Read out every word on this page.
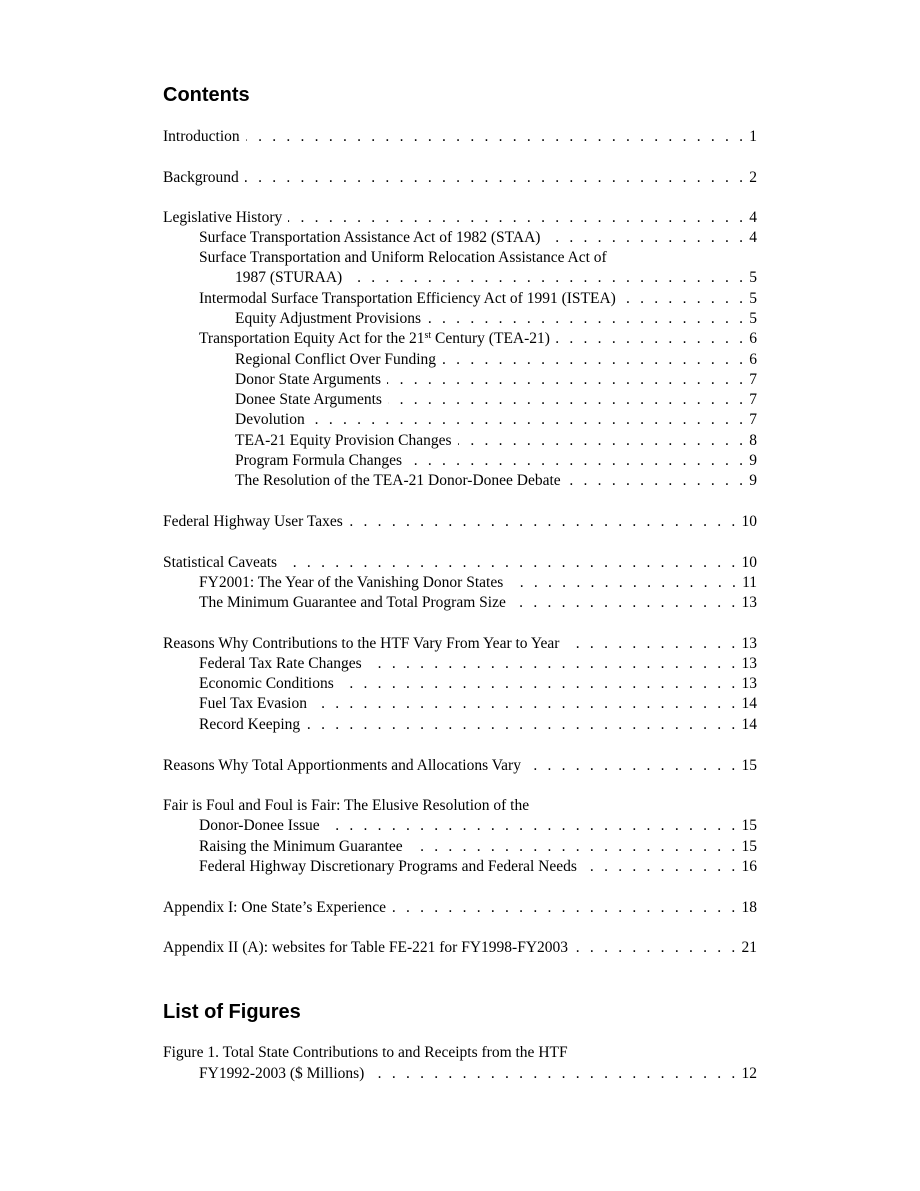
Contents
Introduction . . .	1
Background . . .	2
Legislative History . . .	4
Surface Transportation Assistance Act of 1982 (STAA) . . .	4
Surface Transportation and Uniform Relocation Assistance Act of
1987 (STURAA) . . .	5
Intermodal Surface Transportation Efficiency Act of 1991 (ISTEA) . . .	5
Equity Adjustment Provisions . . .	5
Transportation Equity Act for the 21st Century (TEA-21) . . .	6
Regional Conflict Over Funding . . .	6
Donor State Arguments . . .	7
Donee State Arguments . . .	7
Devolution . . .	7
TEA-21 Equity Provision Changes . . .	8
Program Formula Changes . . .	9
The Resolution of the TEA-21 Donor-Donee Debate . . .	9
Federal Highway User Taxes . . .	10
Statistical Caveats . . .	10
FY2001: The Year of the Vanishing Donor States . . .	11
The Minimum Guarantee and Total Program Size . . .	13
Reasons Why Contributions to the HTF Vary From Year to Year . . .	13
Federal Tax Rate Changes . . .	13
Economic Conditions . . .	13
Fuel Tax Evasion . . .	14
Record Keeping . . .	14
Reasons Why Total Apportionments and Allocations Vary . . .	15
Fair is Foul and Foul is Fair: The Elusive Resolution of the
Donor-Donee Issue . . .	15
Raising the Minimum Guarantee . . .	15
Federal Highway Discretionary Programs and Federal Needs . . .	16
Appendix I: One State’s Experience . . .	18
Appendix II (A): websites for Table FE-221 for FY1998-FY2003 . . .	21
List of Figures
Figure 1. Total State Contributions to and Receipts from the HTF
FY1992-2003 ($ Millions) . . .	12
